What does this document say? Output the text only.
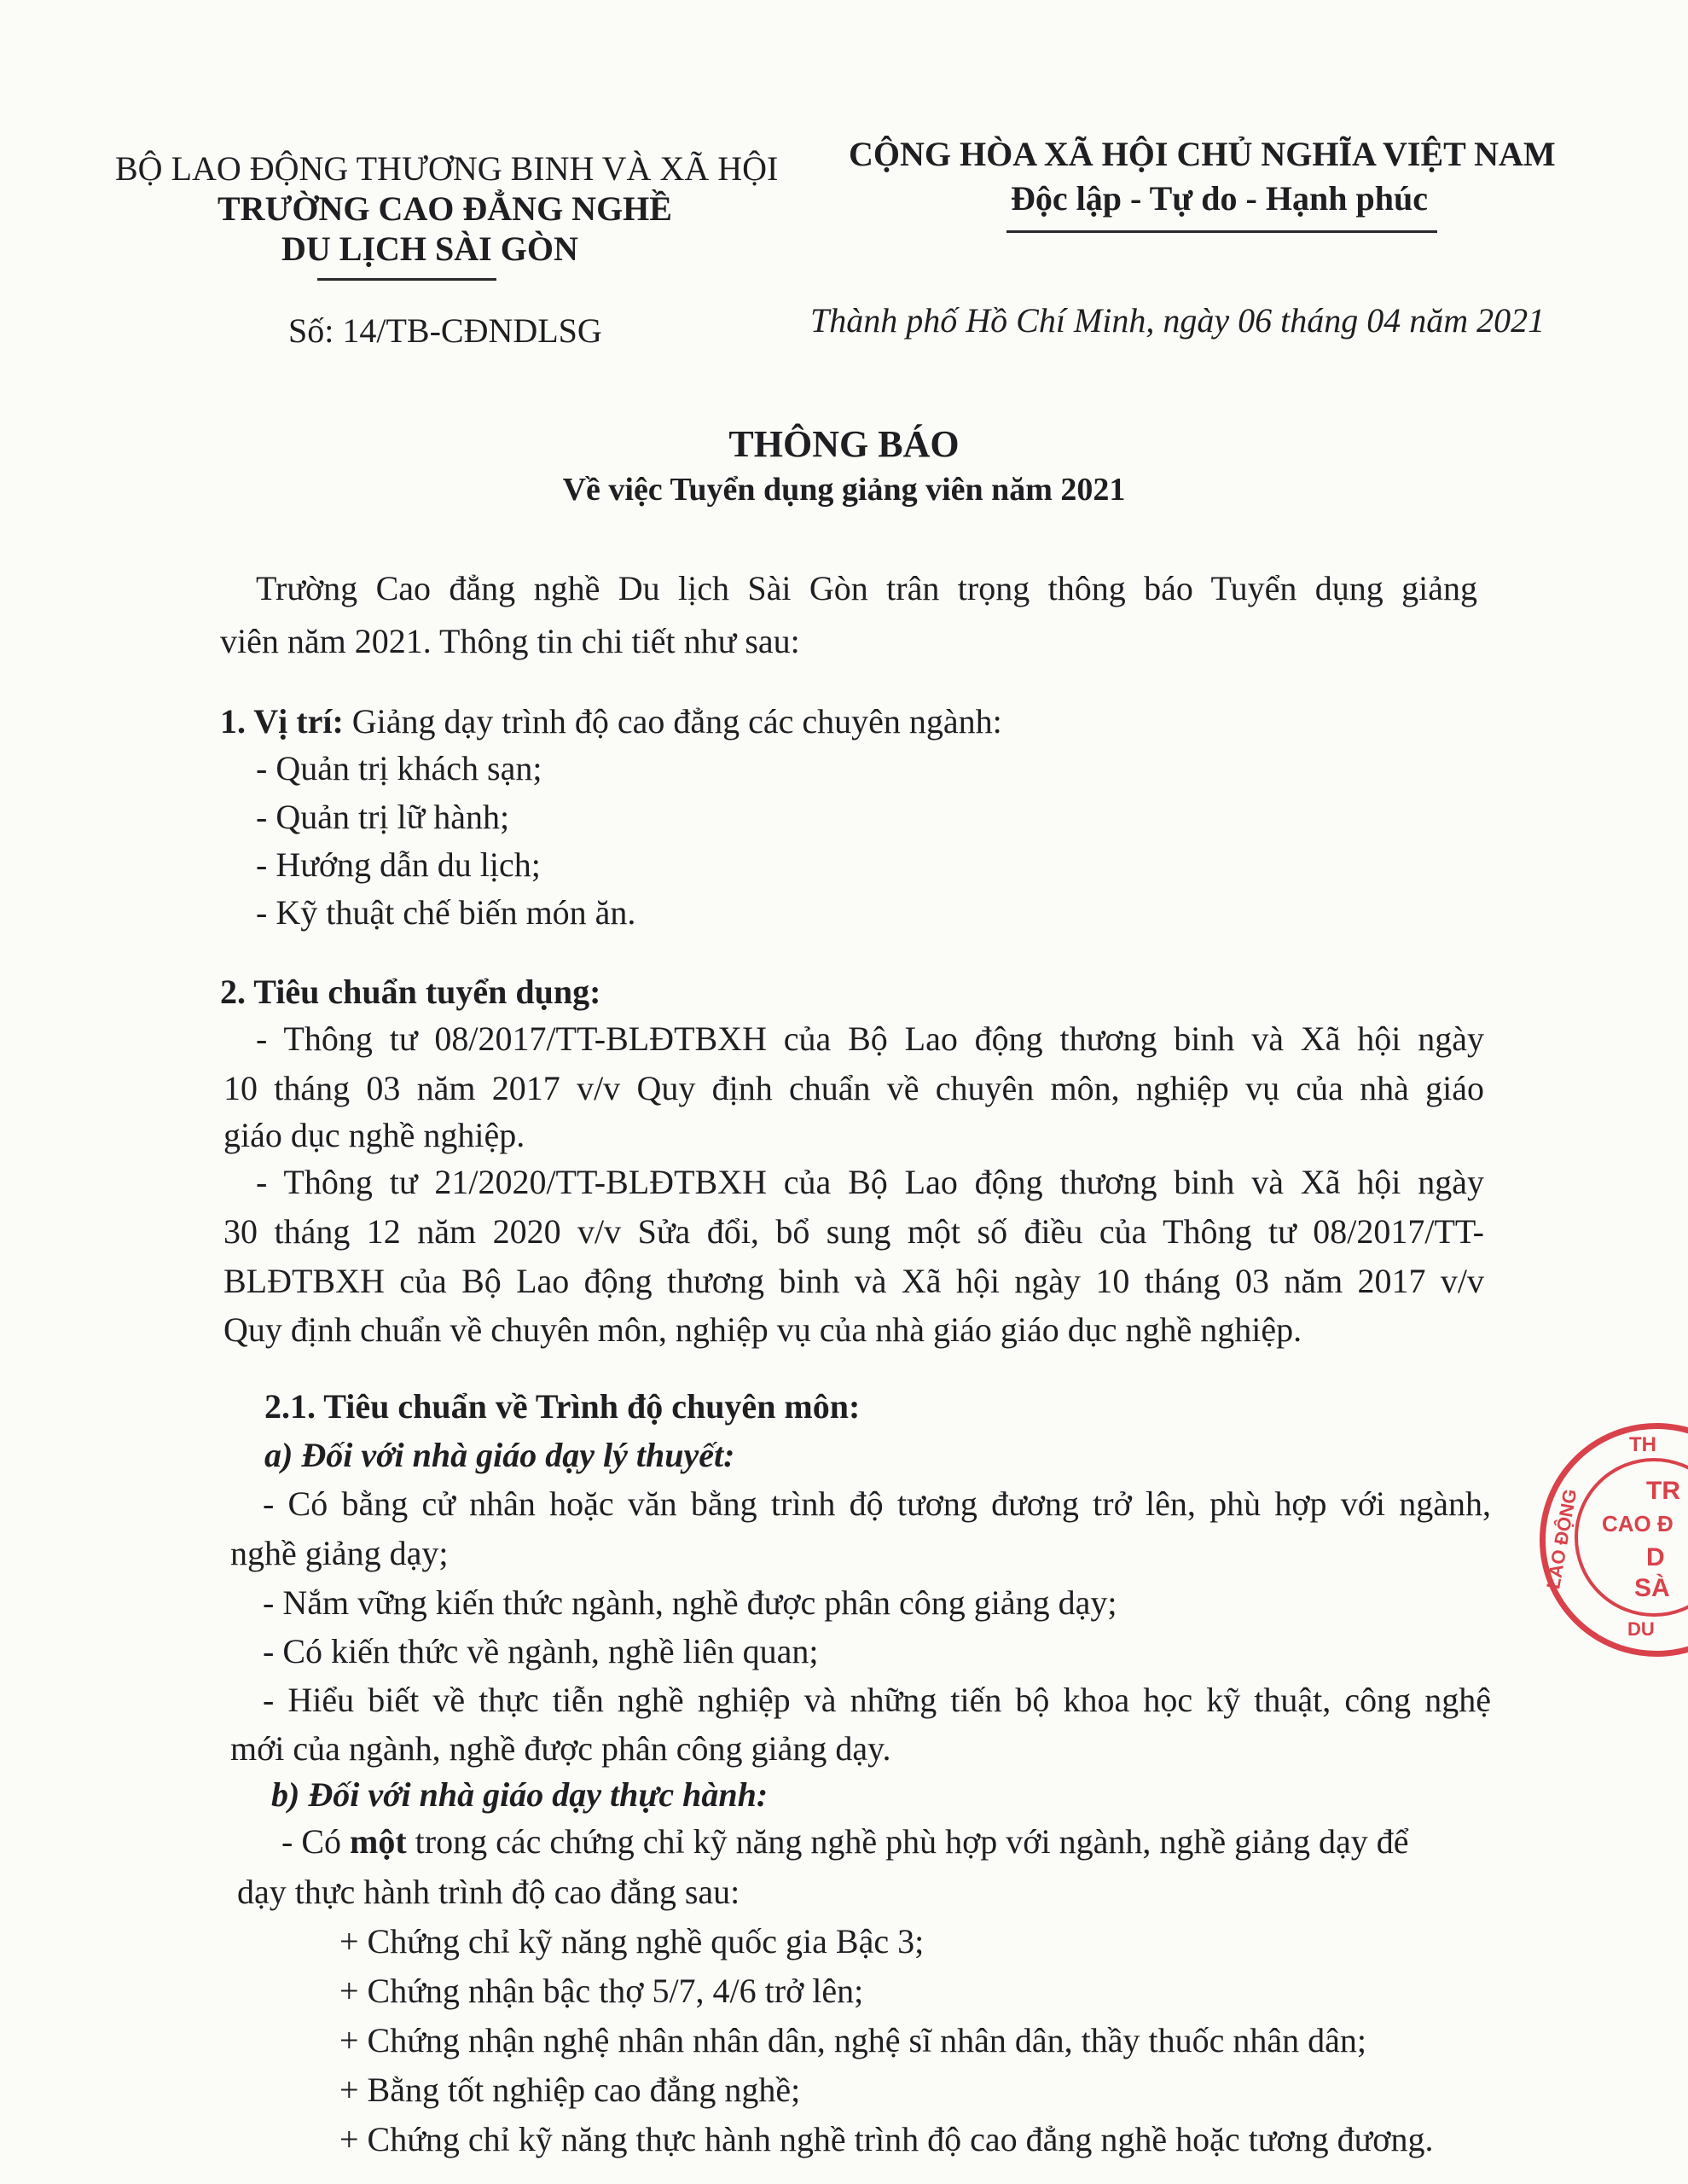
BỘ LAO ĐỘNG THƯƠNG BINH VÀ XÃ HỘI
TRƯỜNG CAO ĐẲNG NGHỀ
DU LỊCH SÀI GÒN
CỘNG HÒA XÃ HỘI CHỦ NGHĨA VIỆT NAM
Độc lập - Tự do - Hạnh phúc
Số: 14/TB-CĐNDLSG	Thành phố Hồ Chí Minh, ngày 06 tháng 04 năm 2021
THÔNG BÁO
Về việc Tuyển dụng giảng viên năm 2021
Trường Cao đẳng nghề Du lịch Sài Gòn trân trọng thông báo Tuyển dụng giảng
viên năm 2021. Thông tin chi tiết như sau:
1. Vị trí: Giảng dạy trình độ cao đẳng các chuyên ngành:
- Quản trị khách sạn;
- Quản trị lữ hành;
- Hướng dẫn du lịch;
- Kỹ thuật chế biến món ăn.
2. Tiêu chuẩn tuyển dụng:
- Thông tư 08/2017/TT-BLĐTBXH của Bộ Lao động thương binh và Xã hội ngày
10 tháng 03 năm 2017 v/v Quy định chuẩn về chuyên môn, nghiệp vụ của nhà giáo
giáo dục nghề nghiệp.
- Thông tư 21/2020/TT-BLĐTBXH của Bộ Lao động thương binh và Xã hội ngày
30 tháng 12 năm 2020 v/v Sửa đổi, bổ sung một số điều của Thông tư 08/2017/TT-
BLĐTBXH của Bộ Lao động thương binh và Xã hội ngày 10 tháng 03 năm 2017 v/v
Quy định chuẩn về chuyên môn, nghiệp vụ của nhà giáo giáo dục nghề nghiệp.
2.1. Tiêu chuẩn về Trình độ chuyên môn:
a) Đối với nhà giáo dạy lý thuyết:
- Có bằng cử nhân hoặc văn bằng trình độ tương đương trở lên, phù hợp với ngành,
nghề giảng dạy;
- Nắm vững kiến thức ngành, nghề được phân công giảng dạy;
- Có kiến thức về ngành, nghề liên quan;
- Hiểu biết về thực tiễn nghề nghiệp và những tiến bộ khoa học kỹ thuật, công nghệ
mới của ngành, nghề được phân công giảng dạy.
b) Đối với nhà giáo dạy thực hành:
- Có một trong các chứng chỉ kỹ năng nghề phù hợp với ngành, nghề giảng dạy để
dạy thực hành trình độ cao đẳng sau:
+ Chứng chỉ kỹ năng nghề quốc gia Bậc 3;
+ Chứng nhận bậc thợ 5/7, 4/6 trở lên;
+ Chứng nhận nghệ nhân nhân dân, nghệ sĩ nhân dân, thầy thuốc nhân dân;
+ Bằng tốt nghiệp cao đẳng nghề;
+ Chứng chỉ kỹ năng thực hành nghề trình độ cao đẳng nghề hoặc tương đương.
TH
LAO ĐỘNG	TR
CAO Đ
D
SÀ
DU
